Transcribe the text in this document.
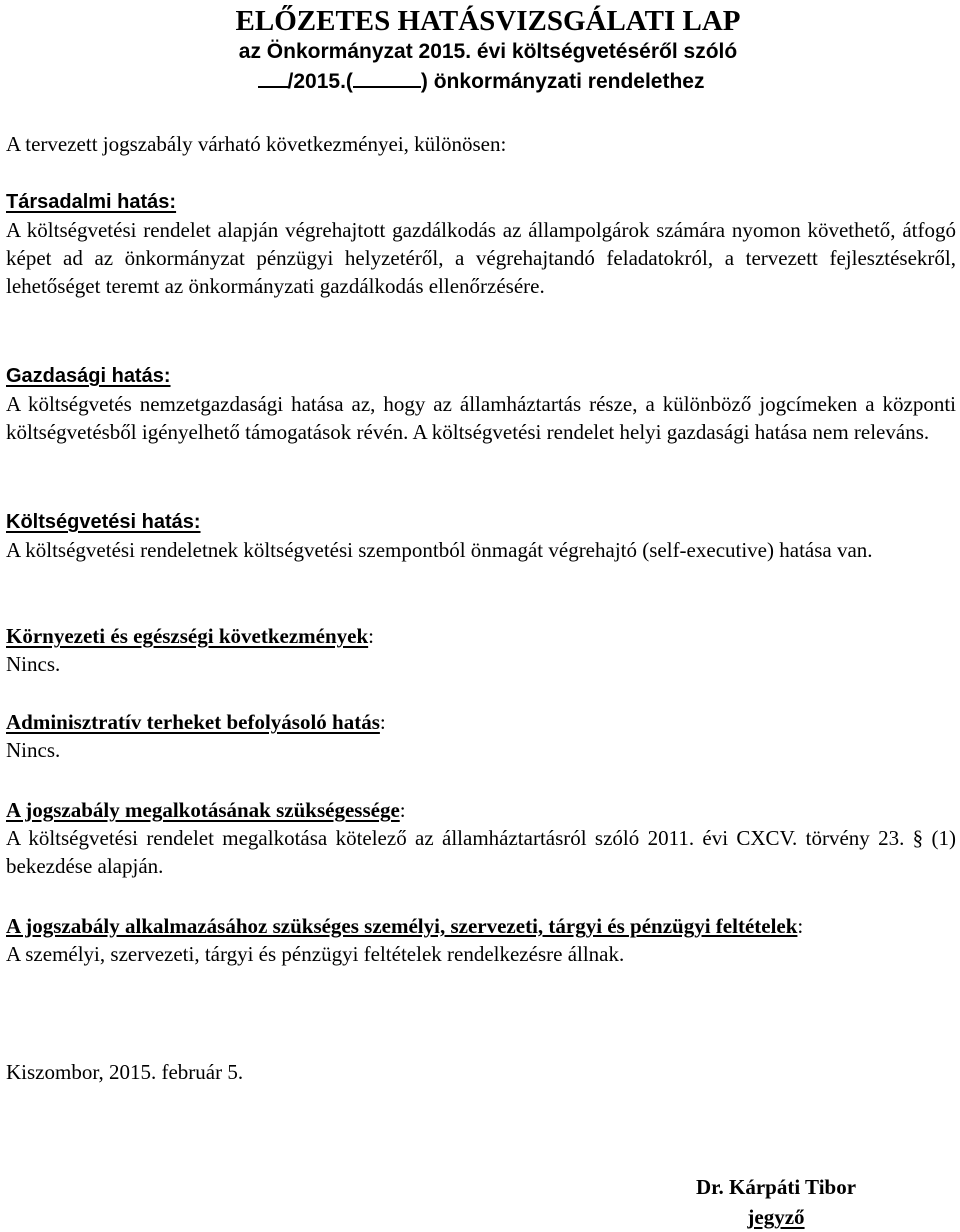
ELŐZETES HATÁSVIZSGÁLATI LAP
az Önkormányzat 2015. évi költségvetéséről szóló
/2015.(	) önkormányzati rendelethez
A tervezett jogszabály várható következményei, különösen:
Társadalmi hatás:
A költségvetési rendelet alapján végrehajtott gazdálkodás az állampolgárok számára nyomon követhető, átfogó képet ad az önkormányzat pénzügyi helyzetéről, a végrehajtandó feladatokról, a tervezett fejlesztésekről, lehetőséget teremt az önkormányzati gazdálkodás ellenőrzésére.
Gazdasági hatás:
A költségvetés nemzetgazdasági hatása az, hogy az államháztartás része, a különböző jogcímeken a központi költségvetésből igényelhető támogatások révén. A költségvetési rendelet helyi gazdasági hatása nem releváns.
Költségvetési hatás:
A költségvetési rendeletnek költségvetési szempontból önmagát végrehajtó (self-executive) hatása van.
Környezeti és egészségi következmények:
Nincs.
Adminisztratív terheket befolyásoló hatás:
Nincs.
A jogszabály megalkotásának szükségessége:
A költségvetési rendelet megalkotása kötelező az államháztartásról szóló 2011. évi CXCV. törvény 23. § (1) bekezdése alapján.
A jogszabály alkalmazásához szükséges személyi, szervezeti, tárgyi és pénzügyi feltételek:
A személyi, szervezeti, tárgyi és pénzügyi feltételek rendelkezésre állnak.
Kiszombor, 2015. február 5.
Dr. Kárpáti Tibor
jegyző
